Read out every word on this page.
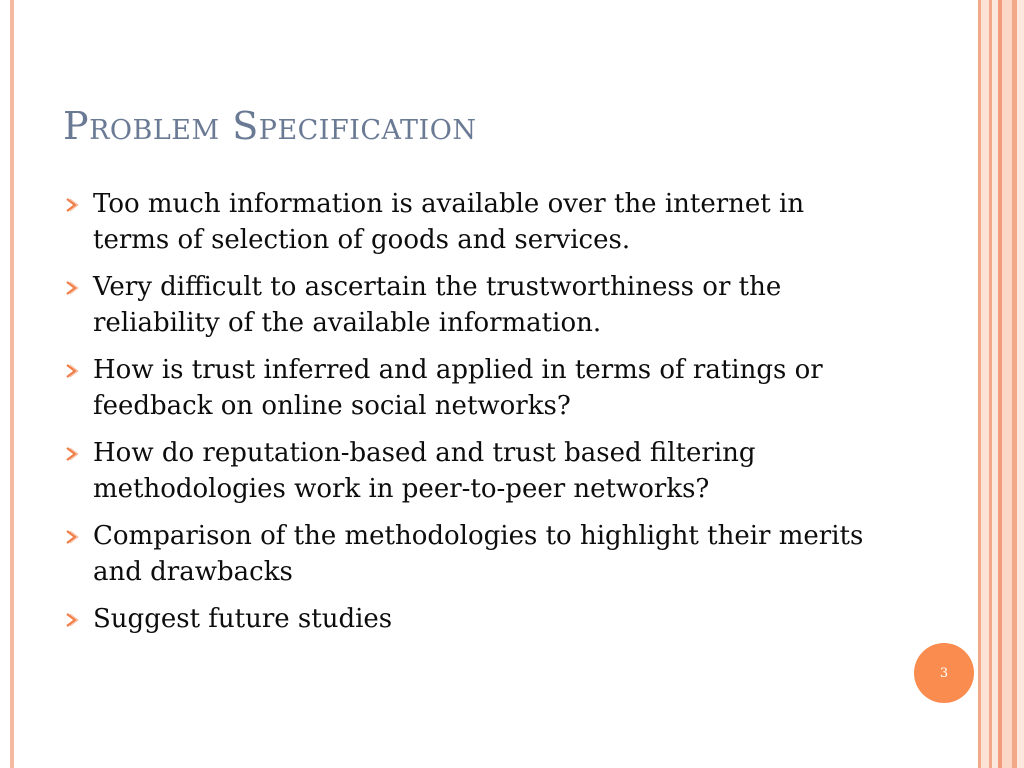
Problem Specification
Too much information is available over the internet in terms of selection of goods and services.
Very difficult to ascertain the trustworthiness or the reliability of the available information.
How is trust inferred and applied in terms of ratings or feedback on online social networks?
How do reputation-based and trust based filtering methodologies work in peer-to-peer networks?
Comparison of the methodologies to highlight their merits and drawbacks
Suggest future studies
3
